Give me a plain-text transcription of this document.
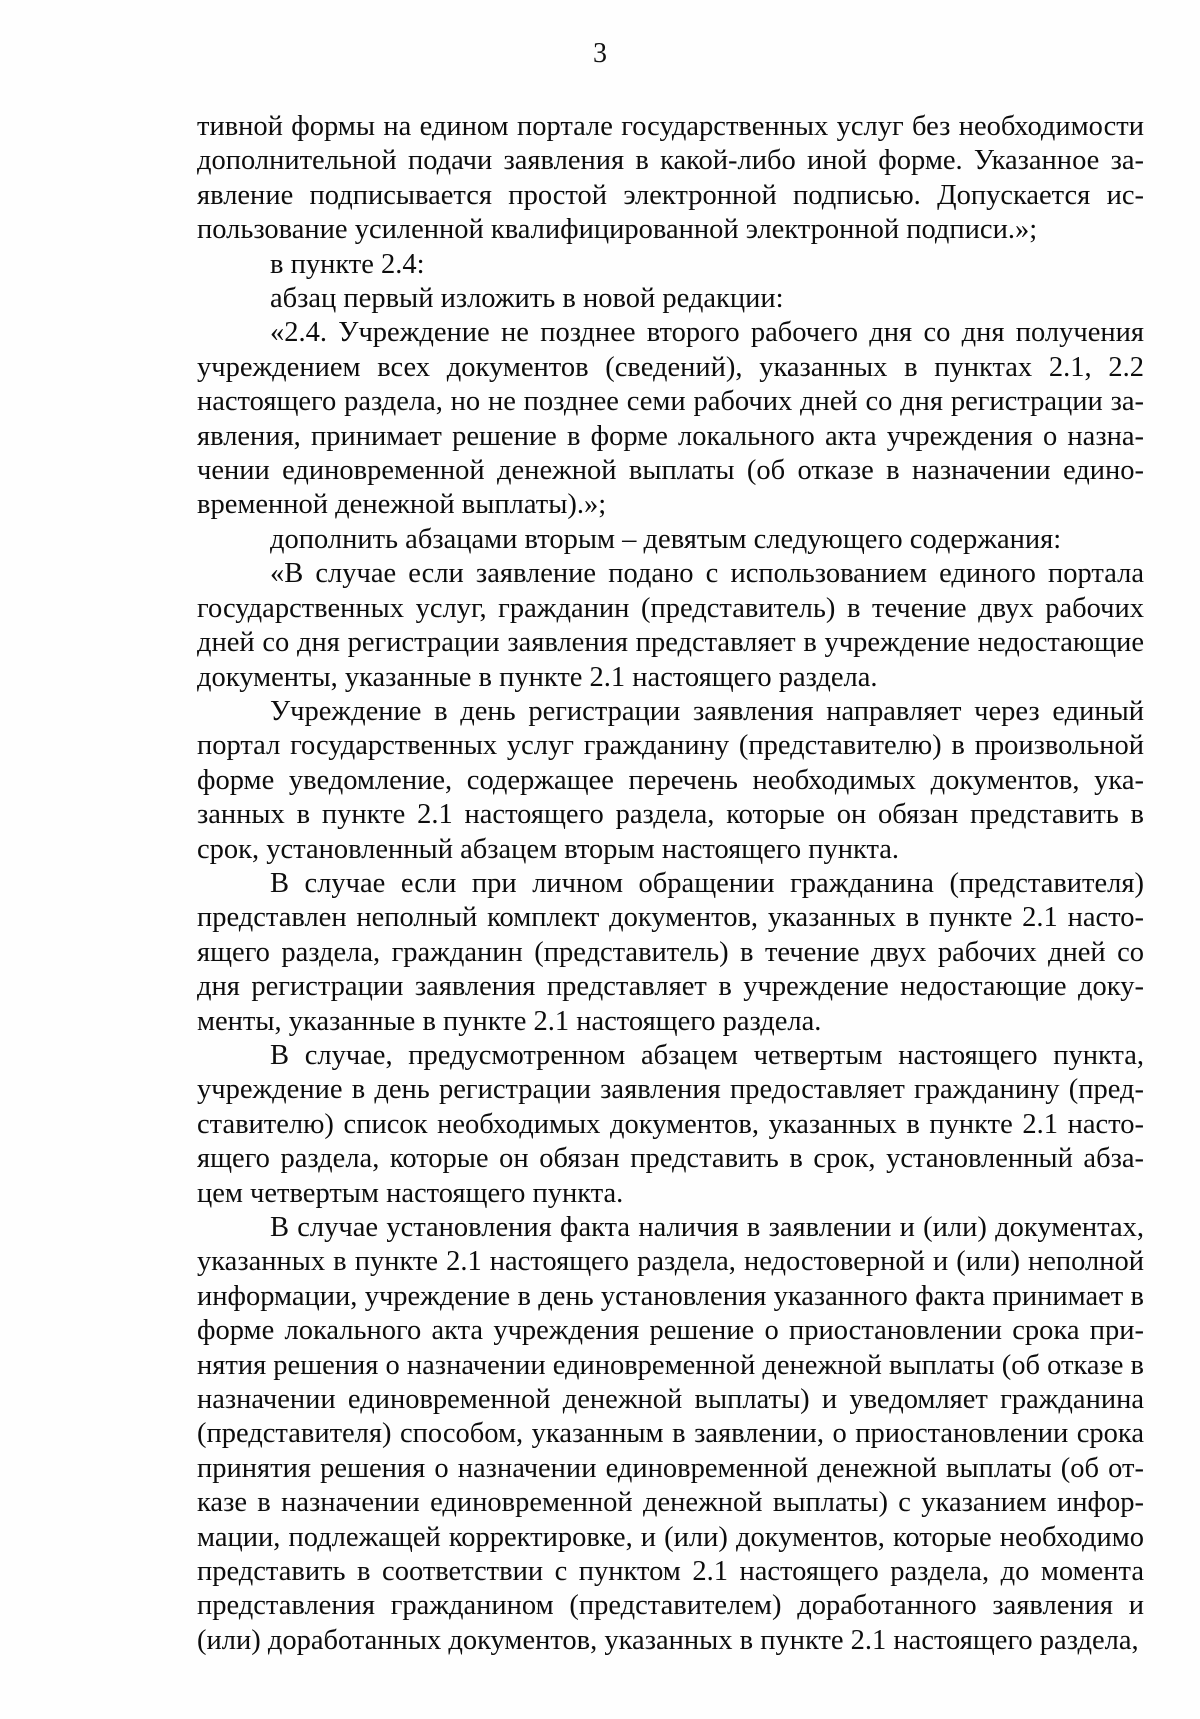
3

тивной формы на едином портале государственных услуг без необходимости дополнительной подачи заявления в какой-либо иной форме. Указанное заявление подписывается простой электронной подписью. Допускается использование усиленной квалифицированной электронной подписи.»;

в пункте 2.4:

абзац первый изложить в новой редакции:

«2.4. Учреждение не позднее второго рабочего дня со дня получения учреждением всех документов (сведений), указанных в пунктах 2.1, 2.2 настоящего раздела, но не позднее семи рабочих дней со дня регистрации заявления, принимает решение в форме локального акта учреждения о назначении единовременной денежной выплаты (об отказе в назначении единовременной денежной выплаты).»;

дополнить абзацами вторым – девятым следующего содержания:

«В случае если заявление подано с использованием единого портала государственных услуг, гражданин (представитель) в течение двух рабочих дней со дня регистрации заявления представляет в учреждение недостающие документы, указанные в пункте 2.1 настоящего раздела.

Учреждение в день регистрации заявления направляет через единый портал государственных услуг гражданину (представителю) в произвольной форме уведомление, содержащее перечень необходимых документов, указанных в пункте 2.1 настоящего раздела, которые он обязан представить в срок, установленный абзацем вторым настоящего пункта.

В случае если при личном обращении гражданина (представителя) представлен неполный комплект документов, указанных в пункте 2.1 настоящего раздела, гражданин (представитель) в течение двух рабочих дней со дня регистрации заявления представляет в учреждение недостающие документы, указанные в пункте 2.1 настоящего раздела.

В случае, предусмотренном абзацем четвертым настоящего пункта, учреждение в день регистрации заявления предоставляет гражданину (представителю) список необходимых документов, указанных в пункте 2.1 настоящего раздела, которые он обязан представить в срок, установленный абзацем четвертым настоящего пункта.

В случае установления факта наличия в заявлении и (или) документах, указанных в пункте 2.1 настоящего раздела, недостоверной и (или) неполной информации, учреждение в день установления указанного факта принимает в форме локального акта учреждения решение о приостановлении срока принятия решения о назначении единовременной денежной выплаты (об отказе в назначении единовременной денежной выплаты) и уведомляет гражданина (представителя) способом, указанным в заявлении, о приостановлении срока принятия решения о назначении единовременной денежной выплаты (об отказе в назначении единовременной денежной выплаты) с указанием информации, подлежащей корректировке, и (или) документов, которые необходимо представить в соответствии с пунктом 2.1 настоящего раздела, до момента представления гражданином (представителем) доработанного заявления и (или) доработанных документов, указанных в пункте 2.1 настоящего раздела,
